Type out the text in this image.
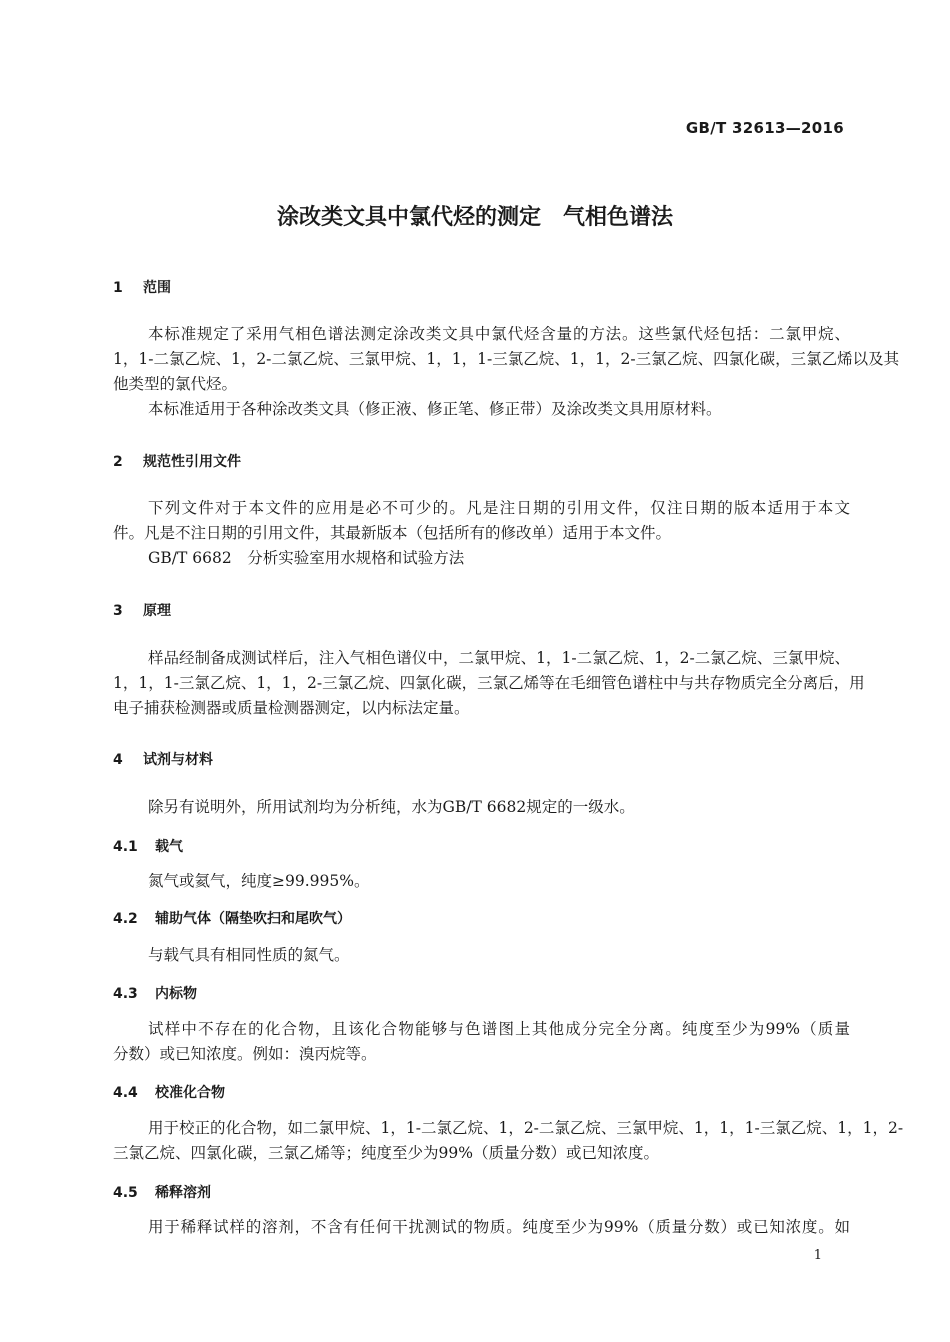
GB/T 32613—2016
涂改类文具中氯代烃的测定　气相色谱法
1 范围
本标准规定了采用气相色谱法测定涂改类文具中氯代烃含量的方法。这些氯代烃包括：二氯甲烷、
1，1-二氯乙烷、1，2-二氯乙烷、三氯甲烷、1，1，1-三氯乙烷、1，1，2-三氯乙烷、四氯化碳，三氯乙烯以及其
他类型的氯代烃。
本标准适用于各种涂改类文具（修正液、修正笔、修正带）及涂改类文具用原材料。
2 规范性引用文件
下列文件对于本文件的应用是必不可少的。凡是注日期的引用文件，仅注日期的版本适用于本文
件。凡是不注日期的引用文件，其最新版本（包括所有的修改单）适用于本文件。
GB/T 6682　分析实验室用水规格和试验方法
3 原理
样品经制备成测试样后，注入气相色谱仪中，二氯甲烷、1，1-二氯乙烷、1，2-二氯乙烷、三氯甲烷、
1，1，1-三氯乙烷、1，1，2-三氯乙烷、四氯化碳，三氯乙烯等在毛细管色谱柱中与共存物质完全分离后，用
电子捕获检测器或质量检测器测定，以内标法定量。
4 试剂与材料
除另有说明外，所用试剂均为分析纯，水为GB/T 6682规定的一级水。
4.1 载气
氮气或氦气，纯度≥99.995%。
4.2 辅助气体（隔垫吹扫和尾吹气）
与载气具有相同性质的氮气。
4.3 内标物
试样中不存在的化合物，且该化合物能够与色谱图上其他成分完全分离。纯度至少为99%（质量
分数）或已知浓度。例如：溴丙烷等。
4.4 校准化合物
用于校正的化合物，如二氯甲烷、1，1-二氯乙烷、1，2-二氯乙烷、三氯甲烷、1，1，1-三氯乙烷、1，1，2-
三氯乙烷、四氯化碳，三氯乙烯等；纯度至少为99%（质量分数）或已知浓度。
4.5 稀释溶剂
用于稀释试样的溶剂，不含有任何干扰测试的物质。纯度至少为99%（质量分数）或已知浓度。如
1
